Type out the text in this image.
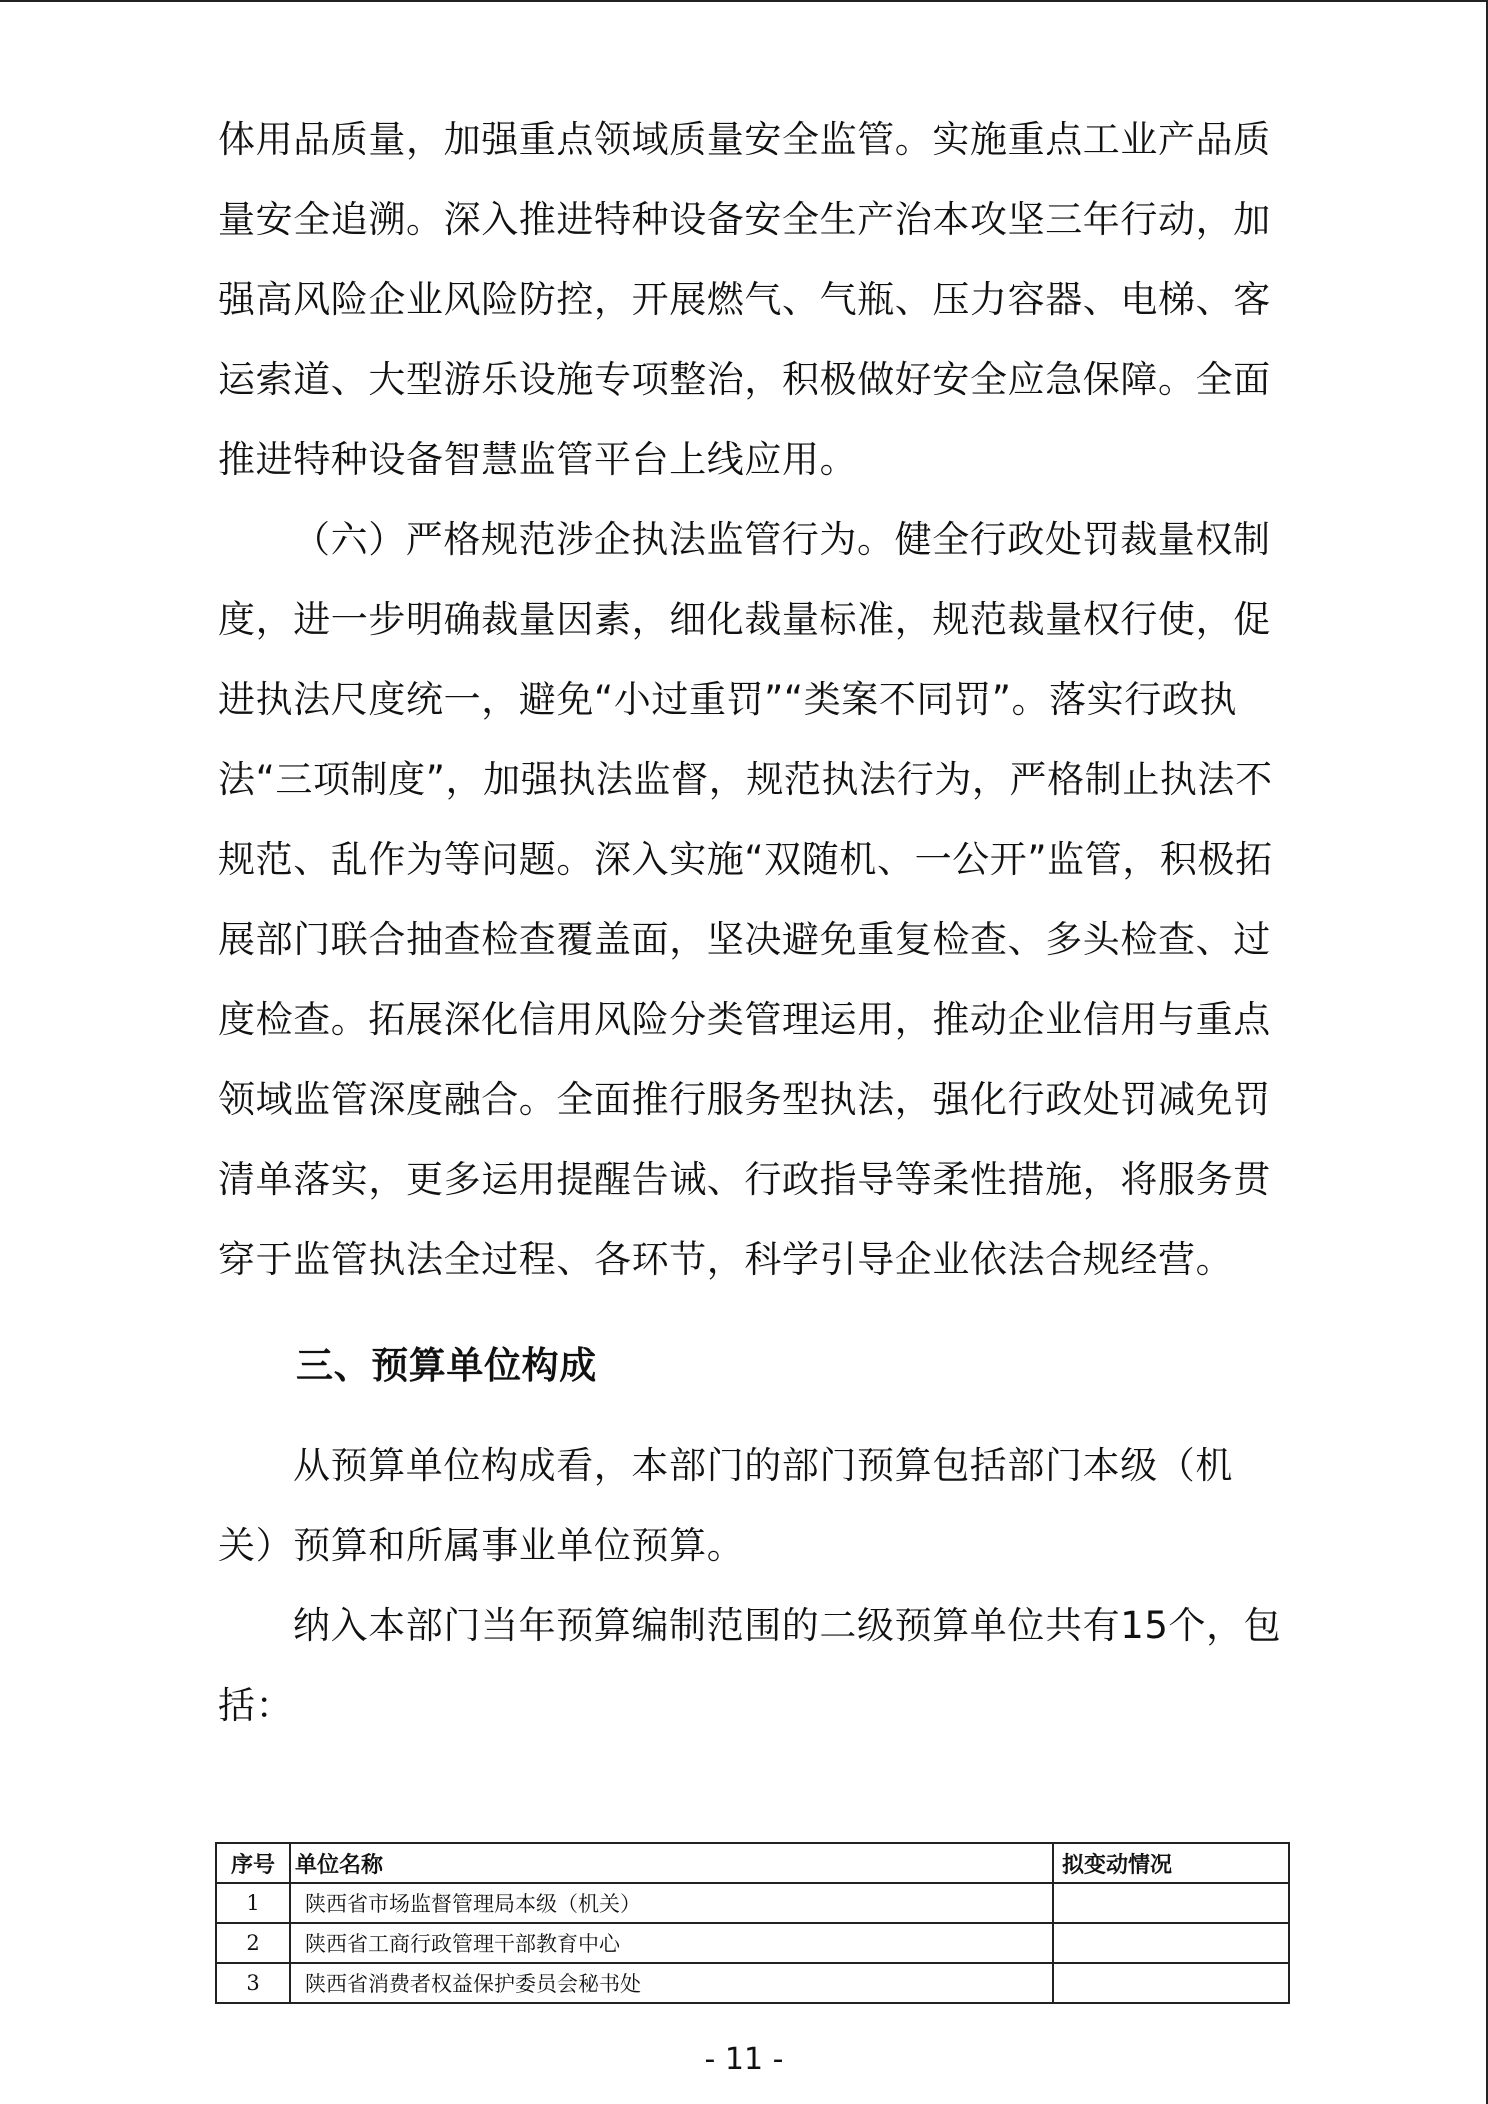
体用品质量，加强重点领域质量安全监管。实施重点工业产品质量安全追溯。深入推进特种设备安全生产治本攻坚三年行动，加强高风险企业风险防控，开展燃气、气瓶、压力容器、电梯、客运索道、大型游乐设施专项整治，积极做好安全应急保障。全面推进特种设备智慧监管平台上线应用。

（六）严格规范涉企执法监管行为。健全行政处罚裁量权制度，进一步明确裁量因素，细化裁量标准，规范裁量权行使，促进执法尺度统一，避免“小过重罚”“类案不同罚”。落实行政执法“三项制度”，加强执法监督，规范执法行为，严格制止执法不规范、乱作为等问题。深入实施“双随机、一公开”监管，积极拓展部门联合抽查检查覆盖面，坚决避免重复检查、多头检查、过度检查。拓展深化信用风险分类管理运用，推动企业信用与重点领域监管深度融合。全面推行服务型执法，强化行政处罚减免罚清单落实，更多运用提醒告诫、行政指导等柔性措施，将服务贯穿于监管执法全过程、各环节，科学引导企业依法合规经营。

三、预算单位构成

从预算单位构成看，本部门的部门预算包括部门本级（机关）预算和所属事业单位预算。

纳入本部门当年预算编制范围的二级预算单位共有15个，包括：

序号	单位名称	拟变动情况
1	陕西省市场监督管理局本级（机关）	
2	陕西省工商行政管理干部教育中心	
3	陕西省消费者权益保护委员会秘书处	
- 11 -
